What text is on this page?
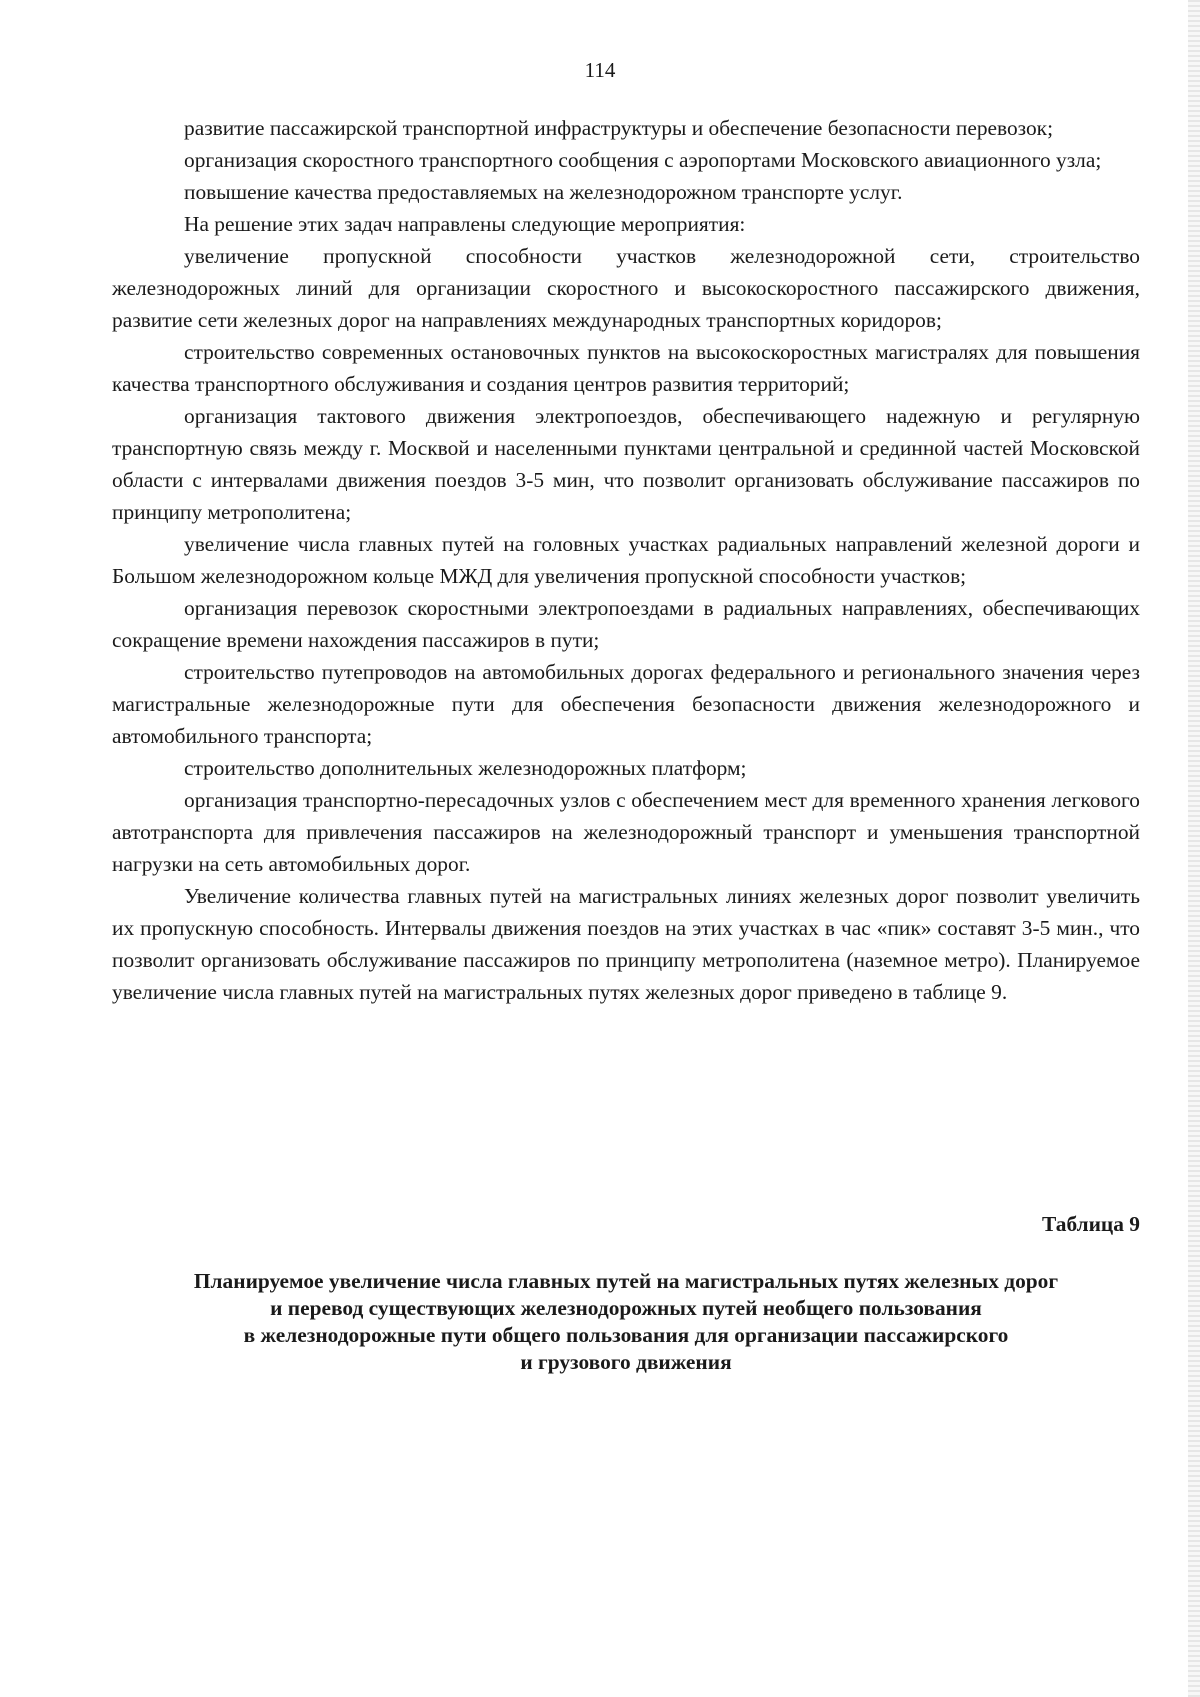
114

развитие пассажирской транспортной инфраструктуры и обеспечение безопасности перевозок;

организация скоростного транспортного сообщения с аэропортами Московского авиационного узла;

повышение качества предоставляемых на железнодорожном транспорте услуг.

На решение этих задач направлены следующие мероприятия:

увеличение пропускной способности участков железнодорожной сети, строительство железнодорожных линий для организации скоростного и высокоскоростного пассажирского движения, развитие сети железных дорог на направлениях международных транспортных коридоров;

строительство современных остановочных пунктов на высокоскоростных магистралях для повышения качества транспортного обслуживания и создания центров развития территорий;

организация тактового движения электропоездов, обеспечивающего надежную и регулярную транспортную связь между г. Москвой и населенными пунктами центральной и срединной частей Московской области с интервалами движения поездов 3-5 мин, что позволит организовать обслуживание пассажиров по принципу метрополитена;

увеличение числа главных путей на головных участках радиальных направлений железной дороги и Большом железнодорожном кольце МЖД для увеличения пропускной способности участков;

организация перевозок скоростными электропоездами в радиальных направлениях, обеспечивающих сокращение времени нахождения пассажиров в пути;

строительство путепроводов на автомобильных дорогах федерального и регионального значения через магистральные железнодорожные пути для обеспечения безопасности движения железнодорожного и автомобильного транспорта;

строительство дополнительных железнодорожных платформ;

организация транспортно-пересадочных узлов с обеспечением мест для временного хранения легкового автотранспорта для привлечения пассажиров на железнодорожный транспорт и уменьшения транспортной нагрузки на сеть автомобильных дорог.

Увеличение количества главных путей на магистральных линиях железных дорог позволит увеличить их пропускную способность. Интервалы движения поездов на этих участках в час «пик» составят 3-5 мин., что позволит организовать обслуживание пассажиров по принципу метрополитена (наземное метро). Планируемое увеличение числа главных путей на магистральных путях железных дорог приведено в таблице 9.

Таблица 9
Планируемое увеличение числа главных путей на магистральных путях железных дорог
и перевод существующих железнодорожных путей необщего пользования
в железнодорожные пути общего пользования для организации пассажирского
и грузового движения
